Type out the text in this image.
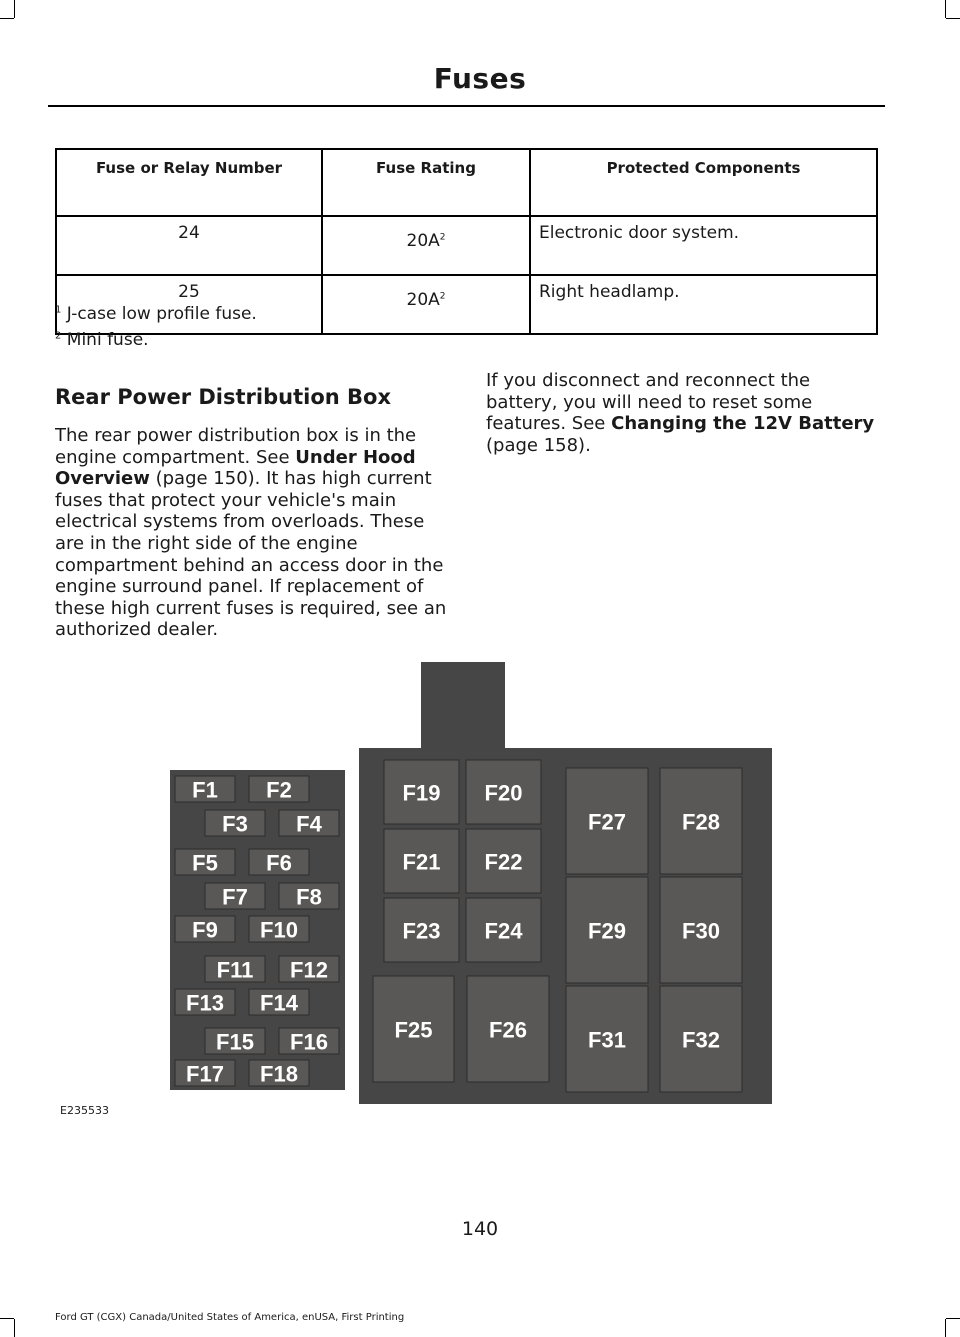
Fuses
Fuse or Relay Number	Fuse Rating	Protected Components
24	$20A^2$	Electronic door system.
25	$20A^2$	Right headlamp.
$^1$ J-case low profile fuse.
$^2$ Mini fuse.
Rear Power Distribution Box
The rear power distribution box is in the engine compartment. See Under Hood Overview (page 150). It has high current fuses that protect your vehicle's main electrical systems from overloads. These are in the right side of the engine compartment behind an access door in the engine surround panel. If replacement of these high current fuses is required, see an authorized dealer.
If you disconnect and reconnect the battery, you will need to reset some features. See Changing the 12V Battery (page 158).
F1 F2
F3 F4
F5 F6
F7 F8
F9 F10
F11 F12
F13 F14
F15 F16
F17 F18
F19 F20
F21 F22
F23 F24
F25	F26
F27	F28
F29	F30
F31	F32
E235533
140
Ford GT (CGX) Canada/United States of America, enUSA, First Printing
